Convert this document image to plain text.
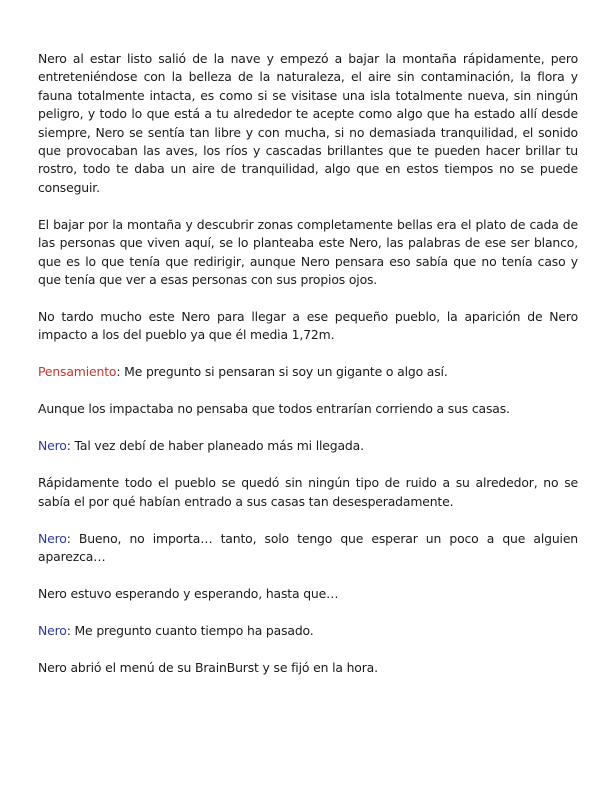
Nero al estar listo salió de la nave y empezó a bajar la montaña rápidamente, pero entreteniéndose con la belleza de la naturaleza, el aire sin contaminación, la flora y fauna totalmente intacta, es como si se visitase una isla totalmente nueva, sin ningún peligro, y todo lo que está a tu alrededor te acepte como algo que ha estado allí desde siempre, Nero se sentía tan libre y con mucha, si no demasiada tranquilidad, el sonido que provocaban las aves, los ríos y cascadas brillantes que te pueden hacer brillar tu rostro, todo te daba un aire de tranquilidad, algo que en estos tiempos no se puede conseguir.

El bajar por la montaña y descubrir zonas completamente bellas era el plato de cada de las personas que viven aquí, se lo planteaba este Nero, las palabras de ese ser blanco, que es lo que tenía que redirigir, aunque Nero pensara eso sabía que no tenía caso y que tenía que ver a esas personas con sus propios ojos.

No tardo mucho este Nero para llegar a ese pequeño pueblo, la aparición de Nero impacto a los del pueblo ya que él media 1,72m.

Pensamiento: Me pregunto si pensaran si soy un gigante o algo así.

Aunque los impactaba no pensaba que todos entrarían corriendo a sus casas.

Nero: Tal vez debí de haber planeado más mi llegada.

Rápidamente todo el pueblo se quedó sin ningún tipo de ruido a su alrededor, no se sabía el por qué habían entrado a sus casas tan desesperadamente.

Nero: Bueno, no importa… tanto, solo tengo que esperar un poco a que alguien aparezca…

Nero estuvo esperando y esperando, hasta que…

Nero: Me pregunto cuanto tiempo ha pasado.

Nero abrió el menú de su BrainBurst y se fijó en la hora.
